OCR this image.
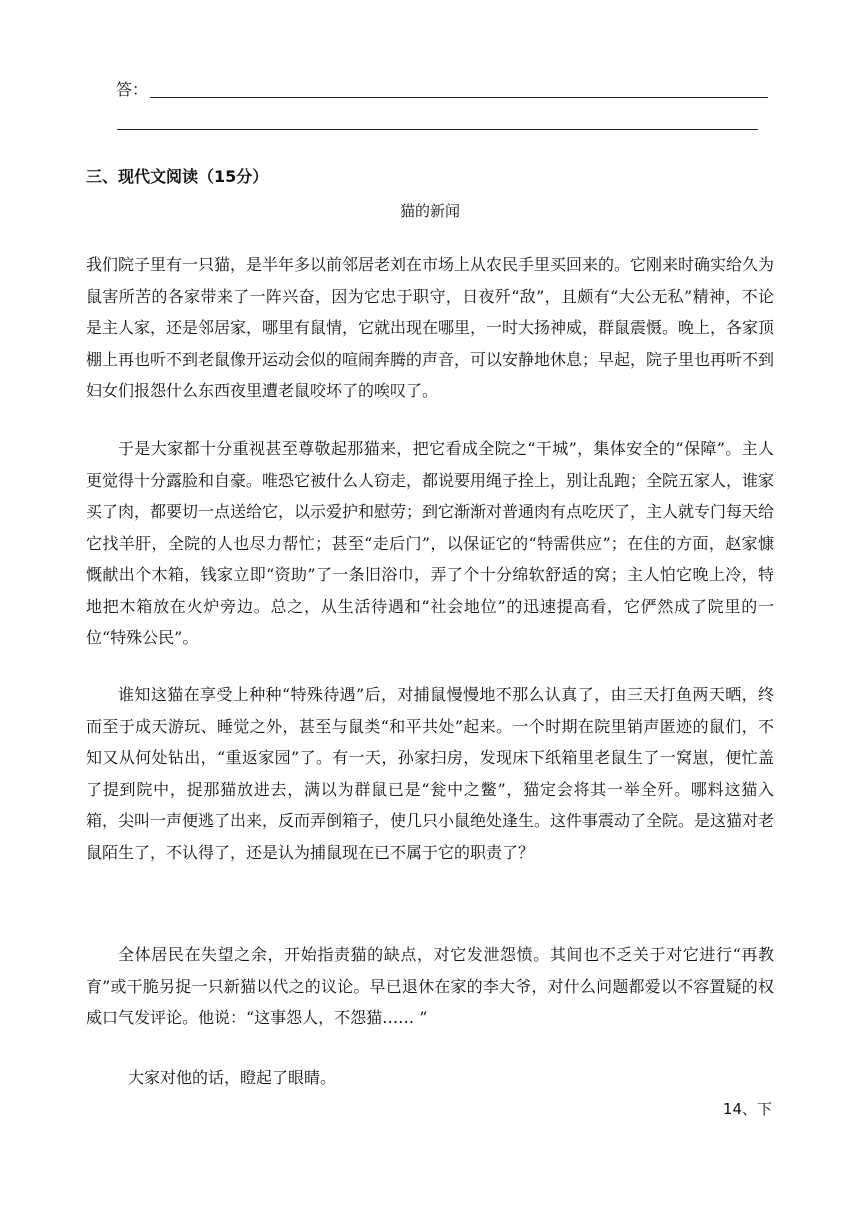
答：
三、现代文阅读（15分）
猫的新闻

我们院子里有一只猫，是半年多以前邻居老刘在市场上从农民手里买回来的。它刚来时确实给久为鼠害所苦的各家带来了一阵兴奋，因为它忠于职守，日夜歼“敌”，且颇有“大公无私”精神，不论是主人家，还是邻居家，哪里有鼠情，它就出现在哪里，一时大扬神威，群鼠震慑。晚上，各家顶棚上再也听不到老鼠像开运动会似的喧闹奔腾的声音，可以安静地休息；早起，院子里也再听不到妇女们报怨什么东西夜里遭老鼠咬坏了的唉叹了。

于是大家都十分重视甚至尊敬起那猫来，把它看成全院之“干城”，集体安全的“保障”。主人更觉得十分露脸和自豪。唯恐它被什么人窃走，都说要用绳子拴上，别让乱跑；全院五家人，谁家买了肉，都要切一点送给它，以示爱护和慰劳；到它渐渐对普通肉有点吃厌了，主人就专门每天给它找羊肝，全院的人也尽力帮忙；甚至“走后门”，以保证它的“特需供应”；在住的方面，赵家慷慨献出个木箱，钱家立即“资助”了一条旧浴巾，弄了个十分绵软舒适的窝；主人怕它晚上冷，特地把木箱放在火炉旁边。总之，从生活待遇和“社会地位”的迅速提高看，它俨然成了院里的一位“特殊公民”。

谁知这猫在享受上种种“特殊待遇”后，对捕鼠慢慢地不那么认真了，由三天打鱼两天晒，终而至于成天游玩、睡觉之外，甚至与鼠类“和平共处”起来。一个时期在院里销声匿迹的鼠们，不知又从何处钻出，“重返家园”了。有一天，孙家扫房，发现床下纸箱里老鼠生了一窝崽，便忙盖了提到院中，捉那猫放进去，满以为群鼠已是“瓮中之鳖”，猫定会将其一举全歼。哪料这猫入箱，尖叫一声便逃了出来，反而弄倒箱子，使几只小鼠绝处逢生。这件事震动了全院。是这猫对老鼠陌生了，不认得了，还是认为捕鼠现在已不属于它的职责了？

全体居民在失望之余，开始指责猫的缺点，对它发泄怨愤。其间也不乏关于对它进行“再教育”或干脆另捉一只新猫以代之的议论。早已退休在家的李大爷，对什么问题都爱以不容置疑的权威口气发评论。他说：“这事怨人，不怨猫…… ”

大家对他的话，瞪起了眼睛。

14、下
